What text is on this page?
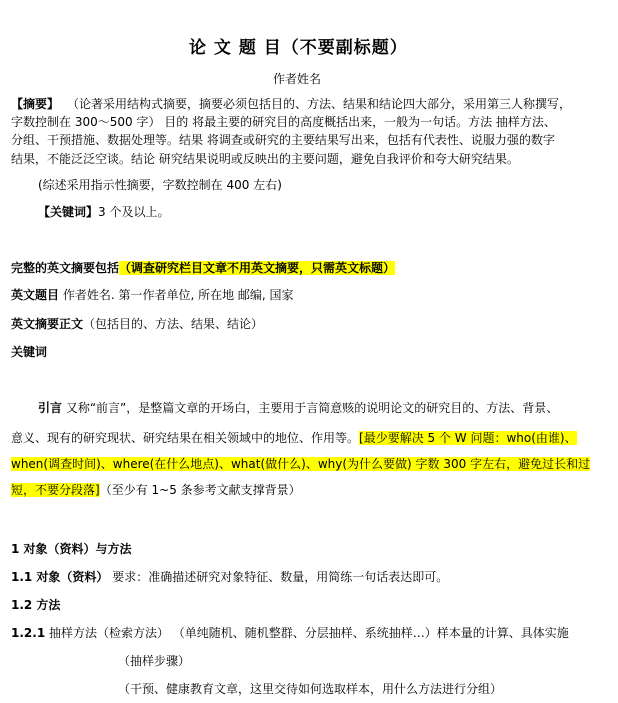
论 文 题 目（不要副标题）
作者姓名
【摘要】 （论著采用结构式摘要，摘要必须包括目的、方法、结果和结论四大部分，采用第三人称撰写，
字数控制在 300～500 字） 目的 将最主要的研究目的高度概括出来，一般为一句话。方法 抽样方法、
分组、干预措施、数据处理等。结果 将调查或研究的主要结果写出来，包括有代表性、说服力强的数字
结果，不能泛泛空谈。结论 研究结果说明或反映出的主要问题，避免自我评价和夸大研究结果。
(综述采用指示性摘要，字数控制在 400 左右)
【关键词】3 个及以上。
完整的英文摘要包括（调查研究栏目文章不用英文摘要，只需英文标题）
英文题目 作者姓名. 第一作者单位, 所在地 邮编, 国家
英文摘要正文（包括目的、方法、结果、结论）
关键词
引言 又称“前言”，是整篇文章的开场白，主要用于言简意赅的说明论文的研究目的、方法、背景、
意义、现有的研究现状、研究结果在相关领域中的地位、作用等。[最少要解决 5 个 W 问题：who(由谁)、when(调查时间)、where(在什么地点)、what(做什么)、why(为什么要做) 字数 300 字左右，避免过长和过短，不要分段落]（至少有 1~5 条参考文献支撑背景）
1 对象（资料）与方法
1.1 对象（资料） 要求：准确描述研究对象特征、数量，用简练一句话表达即可。
1.2 方法
1.2.1 抽样方法（检索方法） （单纯随机、随机整群、分层抽样、系统抽样…）样本量的计算、具体实施
（抽样步骤）
（干预、健康教育文章，这里交待如何选取样本，用什么方法进行分组）
